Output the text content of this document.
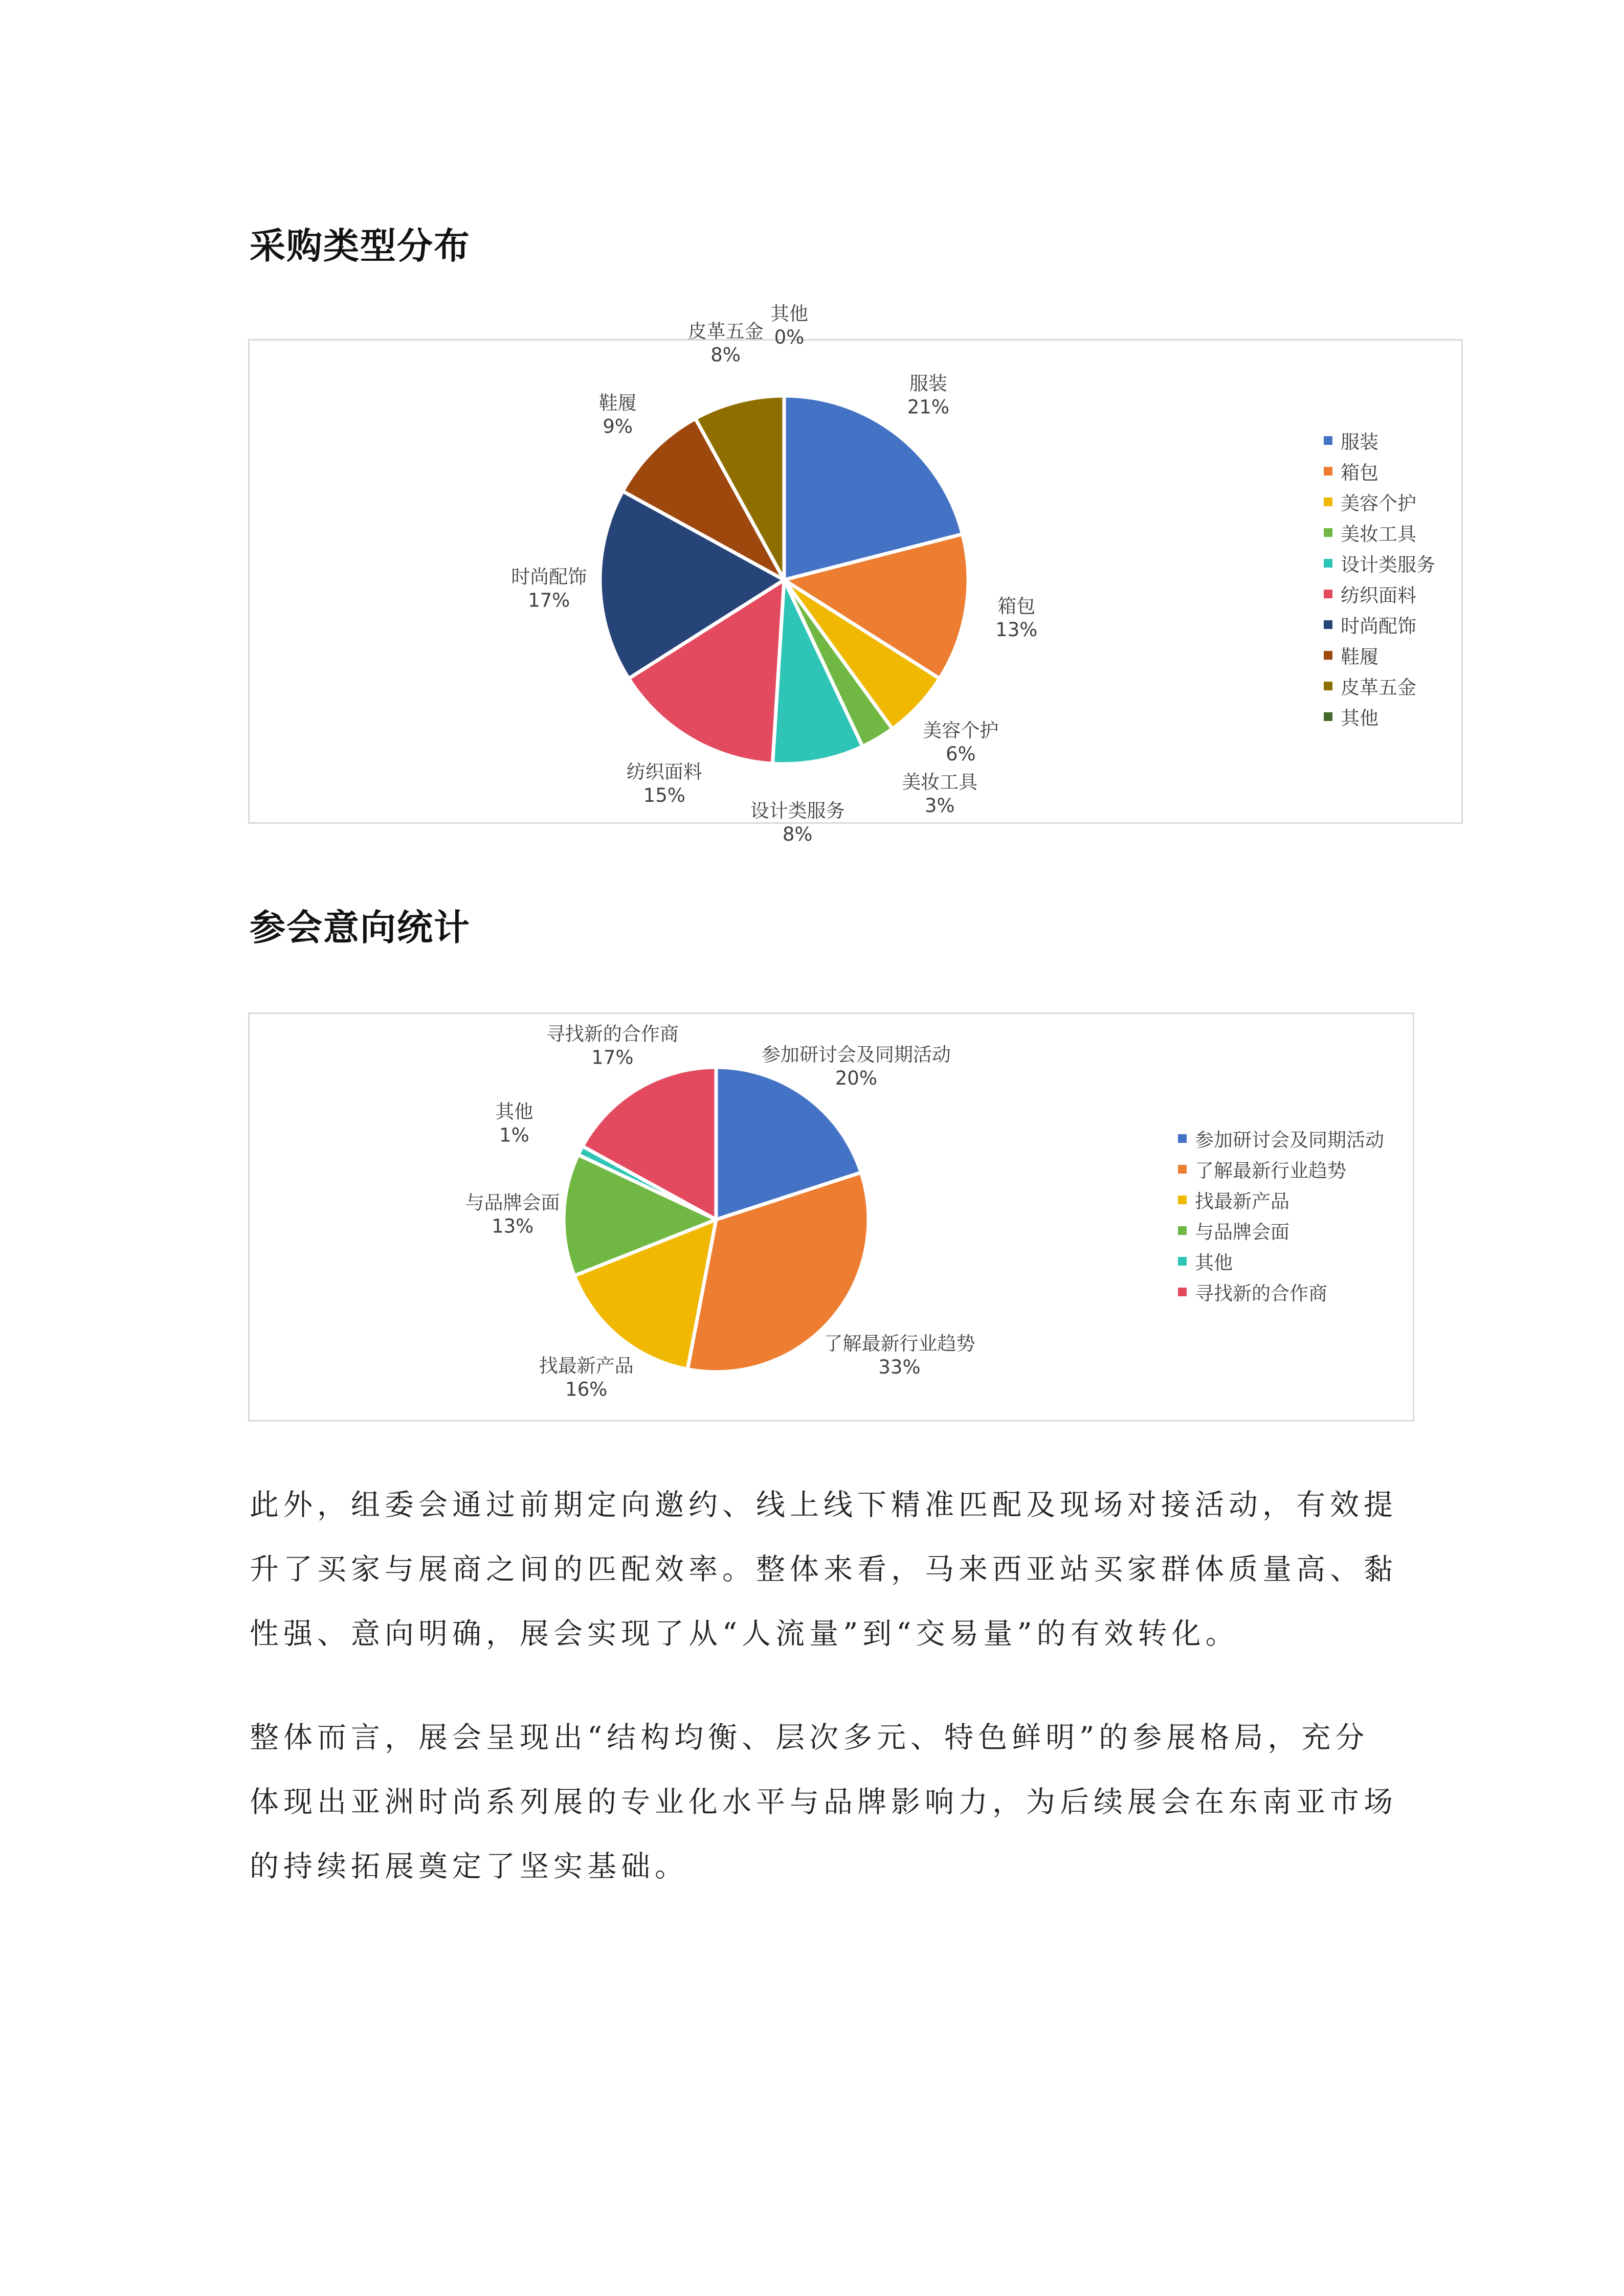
采购类型分布
服装
21%
箱包
13%
美容个护
6%
美妆工具
3%
设计类服务
8%
纺织面料
15%
时尚配饰
17%
鞋履
9%
皮革五金
8%
其他
0%
服装
箱包
美容个护
美妆工具
设计类服务
纺织面料
时尚配饰
鞋履
皮革五金
其他
参会意向统计
参加研讨会及同期活动
20%
了解最新行业趋势
33%
找最新产品
16%
与品牌会面
13%
其他
1%
寻找新的合作商
17%
参加研讨会及同期活动
了解最新行业趋势
找最新产品
与品牌会面
其他
寻找新的合作商
此外，组委会通过前期定向邀约、线上线下精准匹配及现场对接活动，有效提升了买家与展商之间的匹配效率。整体来看，马来西亚站买家群体质量高、黏性强、意向明确，展会实现了从“人流量”到“交易量”的有效转化。
整体而言，展会呈现出“结构均衡、层次多元、特色鲜明”的参展格局，充分体现出亚洲时尚系列展的专业化水平与品牌影响力，为后续展会在东南亚市场的持续拓展奠定了坚实基础。
